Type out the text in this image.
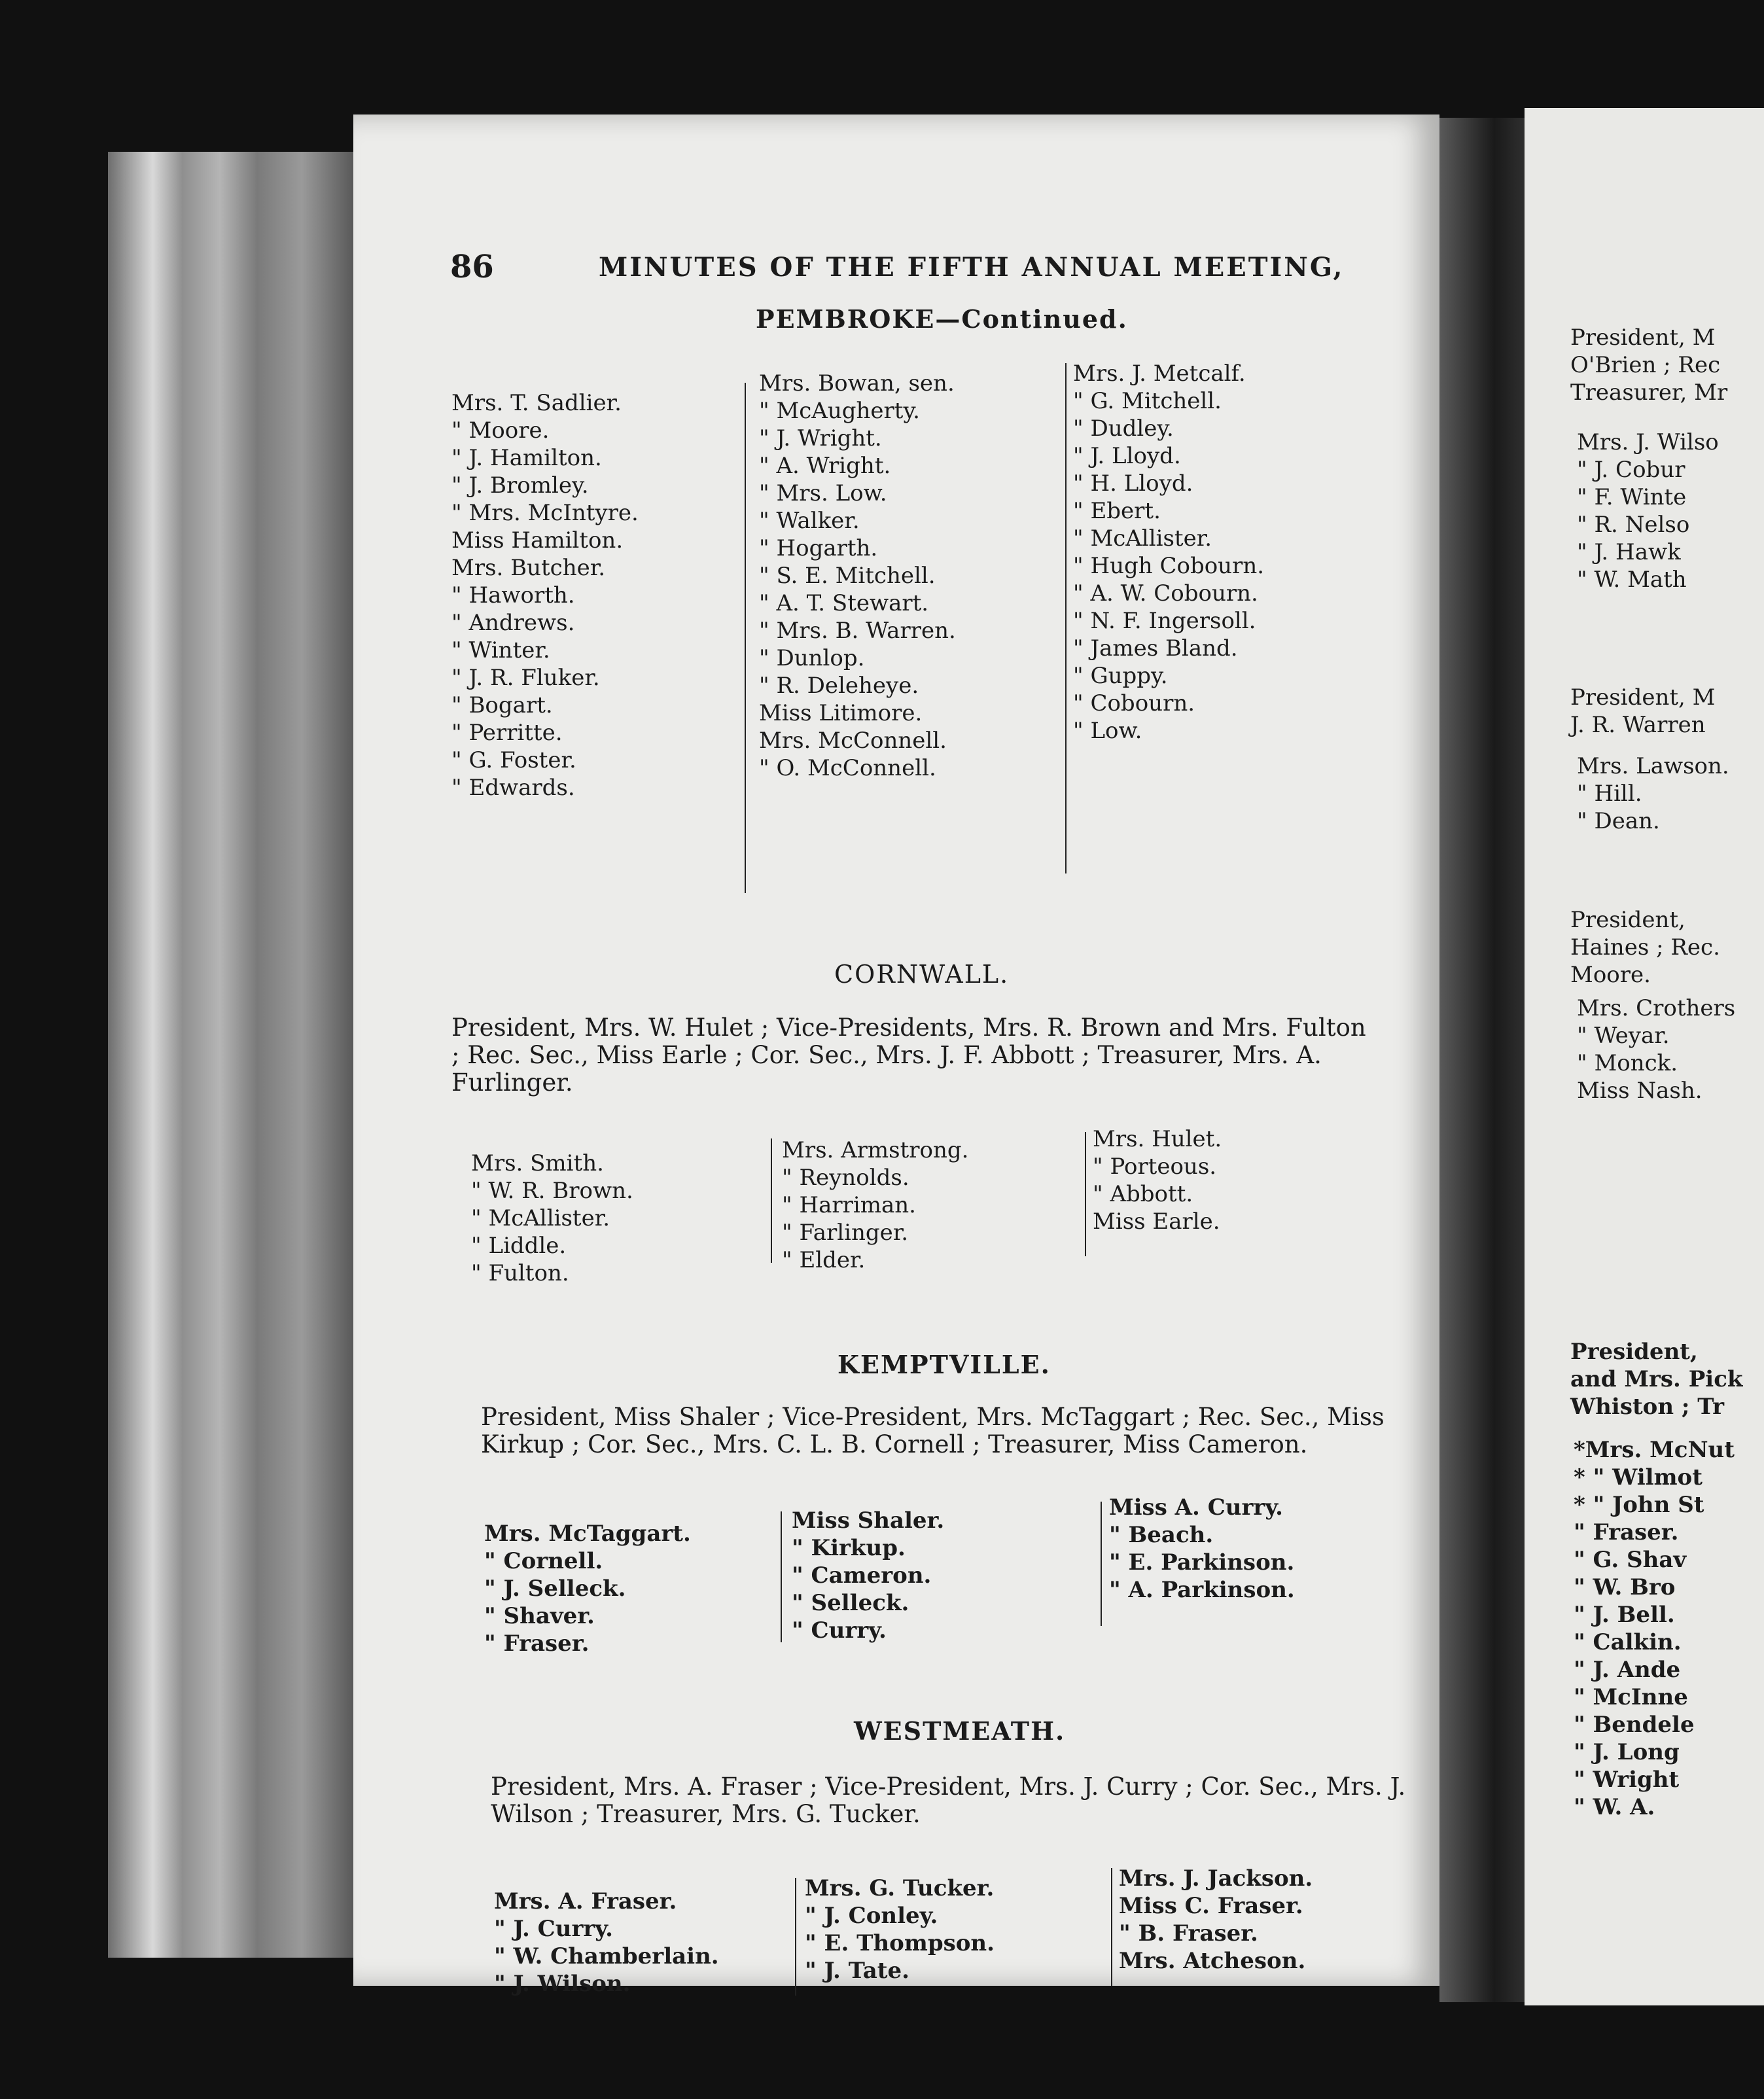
86	MINUTES OF THE FIFTH ANNUAL MEETING,
PEMBROKE—Continued.
Mrs. T. Sadlier.
" Moore.
" J. Hamilton.
" J. Bromley.
" Mrs. McIntyre.
Miss Hamilton.
Mrs. Butcher.
" Haworth.
" Andrews.
" Winter.
" J. R. Fluker.
" Bogart.
" Perritte.
" G. Foster.
" Edwards.
Mrs. Bowan, sen.
" McAugherty.
" J. Wright.
" A. Wright.
" Mrs. Low.
" Walker.
" Hogarth.
" S. E. Mitchell.
" A. T. Stewart.
" Mrs. B. Warren.
" Dunlop.
" R. Deleheye.
Miss Litimore.
Mrs. McConnell.
" O. McConnell.
Mrs. J. Metcalf.
" G. Mitchell.
" Dudley.
" J. Lloyd.
" H. Lloyd.
" Ebert.
" McAllister.
" Hugh Cobourn.
" A. W. Cobourn.
" N. F. Ingersoll.
" James Bland.
" Guppy.
" Cobourn.
" Low.
CORNWALL.
President, Mrs. W. Hulet ; Vice-Presidents, Mrs. R. Brown and Mrs. Fulton ; Rec. Sec., Miss Earle ; Cor. Sec., Mrs. J. F. Abbott ; Treasurer, Mrs. A. Furlinger.
Mrs. Smith.
" W. R. Brown.
" McAllister.
" Liddle.
" Fulton.
Mrs. Armstrong.
" Reynolds.
" Harriman.
" Farlinger.
" Elder.
Mrs. Hulet.
" Porteous.
" Abbott.
Miss Earle.
KEMPTVILLE.
President, Miss Shaler ; Vice-President, Mrs. McTaggart ; Rec. Sec., Miss Kirkup ; Cor. Sec., Mrs. C. L. B. Cornell ; Treasurer, Miss Cameron.
Mrs. McTaggart.
" Cornell.
" J. Selleck.
" Shaver.
" Fraser.
Miss Shaler.
" Kirkup.
" Cameron.
" Selleck.
" Curry.
Miss A. Curry.
" Beach.
" E. Parkinson.
" A. Parkinson.
WESTMEATH.
President, Mrs. A. Fraser ; Vice-President, Mrs. J. Curry ; Cor. Sec., Mrs. J. Wilson ; Treasurer, Mrs. G. Tucker.
Mrs. A. Fraser.
" J. Curry.
" W. Chamberlain.
" J. Wilson.
Mrs. G. Tucker.
" J. Conley.
" E. Thompson.
" J. Tate.
Mrs. J. Jackson.
Miss C. Fraser.
" B. Fraser.
Mrs. Atcheson.
President, M
O'Brien ; Rec
Treasurer, Mr
Mrs. J. Wilso
" J. Cobur
" F. Winte
" R. Nelso
" J. Hawk
" W. Math
President, M
J. R. Warren
Mrs. Lawson.
" Hill.
" Dean.
President,
Haines ; Rec.
Moore.
Mrs. Crothers
" Weyar.
" Monck.
Miss Nash.
President,
and Mrs. Pick
Whiston ; Tr
*Mrs. McNut
* " Wilmot
* " John St
" Fraser.
" G. Shav
" W. Bro
" J. Bell.
" Calkin.
" J. Ande
" McInne
" Bendele
" J. Long
" Wright
" W. A.
